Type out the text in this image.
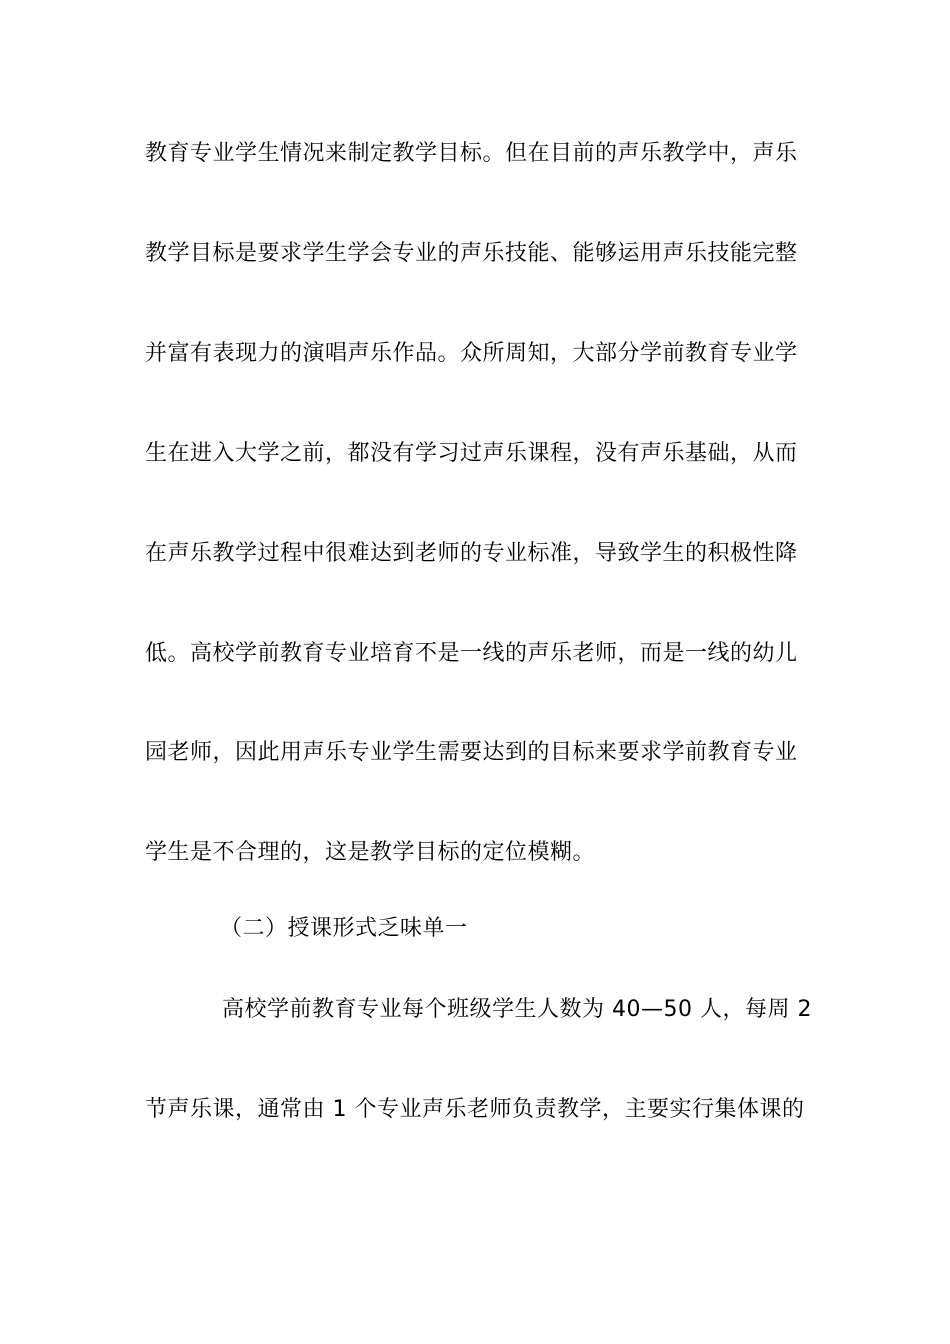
教育专业学生情况来制定教学目标。但在目前的声乐教学中，声乐
教学目标是要求学生学会专业的声乐技能、能够运用声乐技能完整
并富有表现力的演唱声乐作品。众所周知，大部分学前教育专业学
生在进入大学之前，都没有学习过声乐课程，没有声乐基础，从而
在声乐教学过程中很难达到老师的专业标准，导致学生的积极性降
低。高校学前教育专业培育不是一线的声乐老师，而是一线的幼儿
园老师，因此用声乐专业学生需要达到的目标来要求学前教育专业
学生是不合理的，这是教学目标的定位模糊。
（二）授课形式乏味单一
高校学前教育专业每个班级学生人数为 40—50 人，每周 2
节声乐课，通常由 1 个专业声乐老师负责教学，主要实行集体课的
